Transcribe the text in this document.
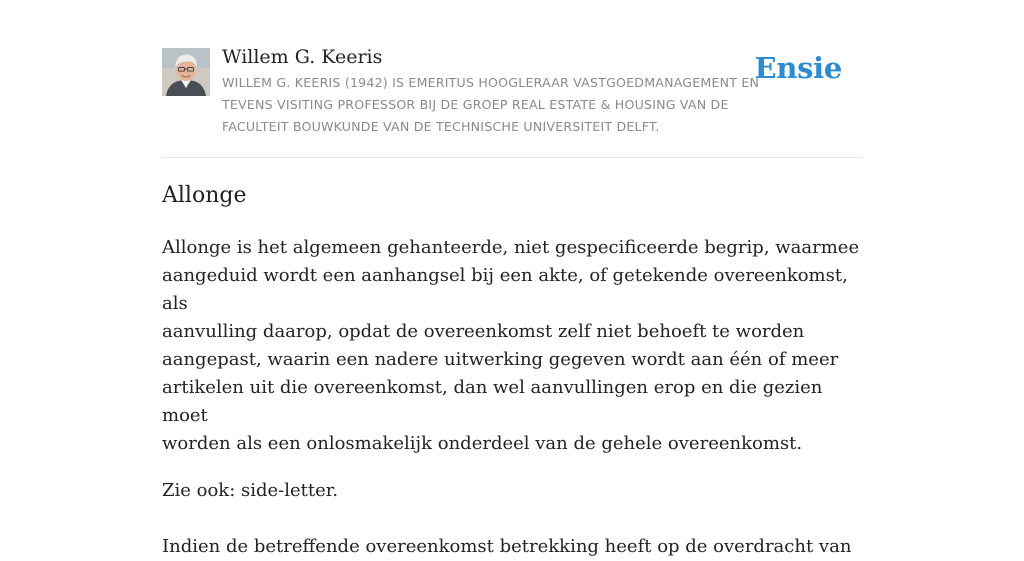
Willem G. Keeris
WILLEM G. KEERIS (1942) IS EMERITUS HOOGLERAAR VASTGOEDMANAGEMENT EN TEVENS VISITING PROFESSOR BIJ DE GROEP REAL ESTATE & HOUSING VAN DE FACULTEIT BOUWKUNDE VAN DE TECHNISCHE UNIVERSITEIT DELFT.
Ensie
Allonge

Allonge is het algemeen gehanteerde, niet gespecificeerde begrip, waarmee
aangeduid wordt een aanhangsel bij een akte, of getekende overeenkomst, als
aanvulling daarop, opdat de overeenkomst zelf niet behoeft te worden
aangepast, waarin een nadere uitwerking gegeven wordt aan één of meer
artikelen uit die overeenkomst, dan wel aanvullingen erop en die gezien moet
worden als een onlosmakelijk onderdeel van de gehele overeenkomst.

Zie ook: side-letter.

Indien de betreffende overeenkomst betrekking heeft op de overdracht van
